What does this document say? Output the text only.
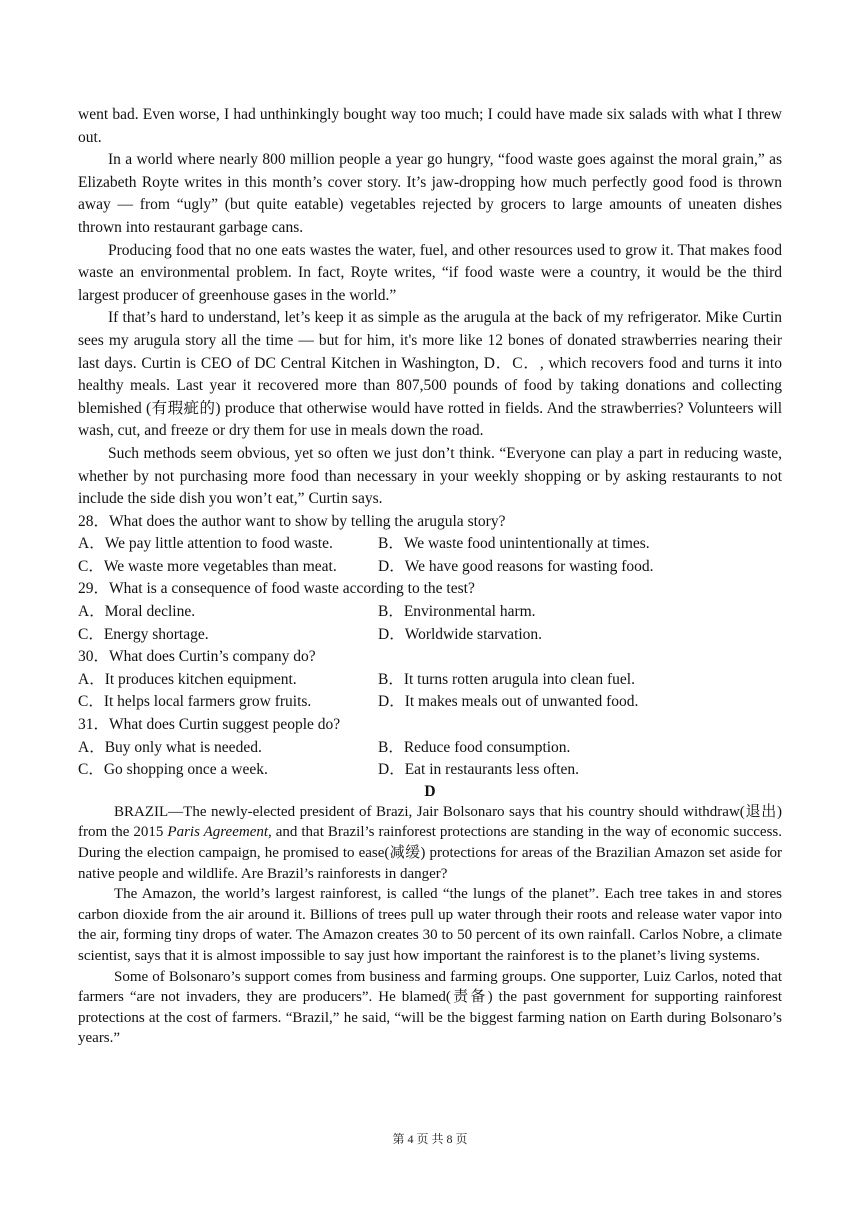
went bad. Even worse, I had unthinkingly bought way too much; I could have made six salads with what I threw out.

In a world where nearly 800 million people a year go hungry, “food waste goes against the moral grain,” as Elizabeth Royte writes in this month’s cover story. It’s jaw-dropping how much perfectly good food is thrown away — from “ugly” (but quite eatable) vegetables rejected by grocers to large amounts of uneaten dishes thrown into restaurant garbage cans.

Producing food that no one eats wastes the water, fuel, and other resources used to grow it. That makes food waste an environmental problem. In fact, Royte writes, “if food waste were a country, it would be the third largest producer of greenhouse gases in the world.”

If that’s hard to understand, let’s keep it as simple as the arugula at the back of my refrigerator. Mike Curtin sees my arugula story all the time — but for him, it's more like 12 bones of donated strawberries nearing their last days. Curtin is CEO of DC Central Kitchen in Washington, D．C．, which recovers food and turns it into healthy meals. Last year it recovered more than 807,500 pounds of food by taking donations and collecting blemished (有瑕疵的) produce that otherwise would have rotted in fields. And the strawberries? Volunteers will wash, cut, and freeze or dry them for use in meals down the road.

Such methods seem obvious, yet so often we just don’t think. “Everyone can play a part in reducing waste, whether by not purchasing more food than necessary in your weekly shopping or by asking restaurants to not include the side dish you won’t eat,” Curtin says.

28．What does the author want to show by telling the arugula story?

A．We pay little attention to food waste.	B．We waste food unintentionally at times.
C．We waste more vegetables than meat.	D．We have good reasons for wasting food.

29．What is a consequence of food waste according to the test?

A．Moral decline.	B．Environmental harm.
C．Energy shortage.	D．Worldwide starvation.

30．What does Curtin’s company do?

A．It produces kitchen equipment.	B．It turns rotten arugula into clean fuel.
C．It helps local farmers grow fruits.	D．It makes meals out of unwanted food.

31．What does Curtin suggest people do?

A．Buy only what is needed.	B．Reduce food consumption.
C．Go shopping once a week.	D．Eat in restaurants less often.

D

BRAZIL—The newly-elected president of Brazi, Jair Bolsonaro says that his country should withdraw(退出) from the 2015 Paris Agreement, and that Brazil’s rainforest protections are standing in the way of economic success. During the election campaign, he promised to ease(减缓) protections for areas of the Brazilian Amazon set aside for native people and wildlife. Are Brazil’s rainforests in danger?

The Amazon, the world’s largest rainforest, is called “the lungs of the planet”. Each tree takes in and stores carbon dioxide from the air around it. Billions of trees pull up water through their roots and release water vapor into the air, forming tiny drops of water. The Amazon creates 30 to 50 percent of its own rainfall. Carlos Nobre, a climate scientist, says that it is almost impossible to say just how important the rainforest is to the planet’s living systems.

Some of Bolsonaro’s support comes from business and farming groups. One supporter, Luiz Carlos, noted that farmers “are not invaders, they are producers”. He blamed(责备) the past government for supporting rainforest protections at the cost of farmers. “Brazil,” he said, “will be the biggest farming nation on Earth during Bolsonaro’s years.”

第 4 页 共 8 页
